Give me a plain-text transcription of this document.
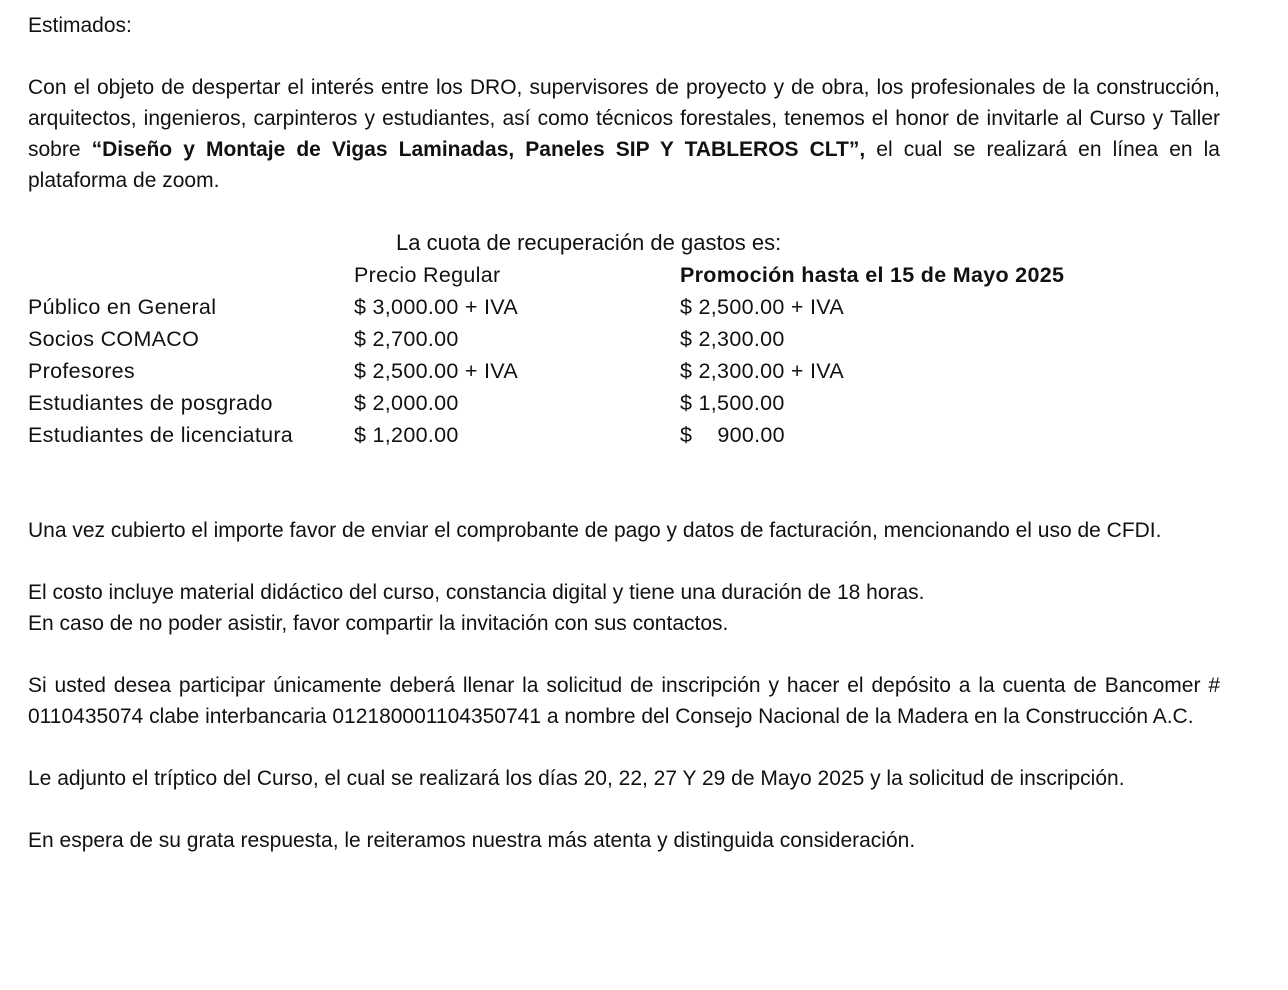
Estimados:

Con el objeto de despertar el interés entre los DRO, supervisores de proyecto y de obra, los profesionales de la construcción, arquitectos, ingenieros, carpinteros y estudiantes, así como técnicos forestales, tenemos el honor de invitarle al Curso y Taller sobre “Diseño y Montaje de Vigas Laminadas, Paneles SIP Y TABLEROS CLT”, el cual se realizará en línea en la plataforma de zoom.

La cuota de recuperación de gastos es:

	Precio Regular	Promoción hasta el 15 de Mayo 2025
Público en General	$ 3,000.00 + IVA	$ 2,500.00 + IVA
Socios COMACO	$ 2,700.00	$ 2,300.00
Profesores	$ 2,500.00 + IVA	$ 2,300.00 + IVA
Estudiantes de posgrado	$ 2,000.00	$ 1,500.00
Estudiantes de licenciatura	$ 1,200.00	$    900.00

Una vez cubierto el importe favor de enviar el comprobante de pago y datos de facturación, mencionando el uso de CFDI.

El costo incluye material didáctico del curso, constancia digital y tiene una duración de 18 horas.

En caso de no poder asistir, favor compartir la invitación con sus contactos.

Si usted desea participar únicamente deberá llenar la solicitud de inscripción y hacer el depósito a la cuenta de Bancomer # 0110435074 clabe interbancaria 012180001104350741 a nombre del Consejo Nacional de la Madera en la Construcción A.C.

Le adjunto el tríptico del Curso, el cual se realizará los días 20, 22, 27 Y 29 de Mayo 2025 y la solicitud de inscripción.

En espera de su grata respuesta, le reiteramos nuestra más atenta y distinguida consideración.
